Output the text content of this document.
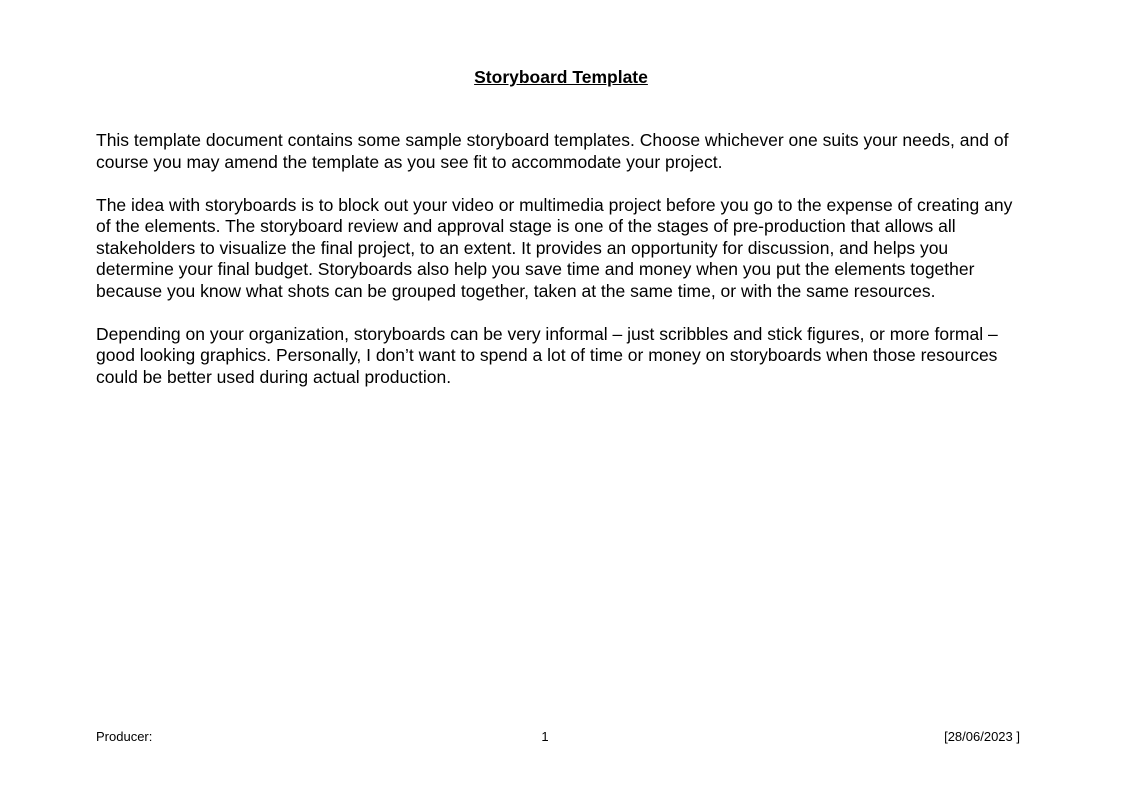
Storyboard Template

This template document contains some sample storyboard templates. Choose whichever one suits your needs, and of course you may amend the template as you see fit to accommodate your project.

The idea with storyboards is to block out your video or multimedia project before you go to the expense of creating any of the elements. The storyboard review and approval stage is one of the stages of pre-production that allows all stakeholders to visualize the final project, to an extent. It provides an opportunity for discussion, and helps you determine your final budget. Storyboards also help you save time and money when you put the elements together because you know what shots can be grouped together, taken at the same time, or with the same resources.

Depending on your organization, storyboards can be very informal – just scribbles and stick figures, or more formal – good looking graphics. Personally, I don’t want to spend a lot of time or money on storyboards when those resources could be better used during actual production.

Producer:	1	[28/06/2023 ]
